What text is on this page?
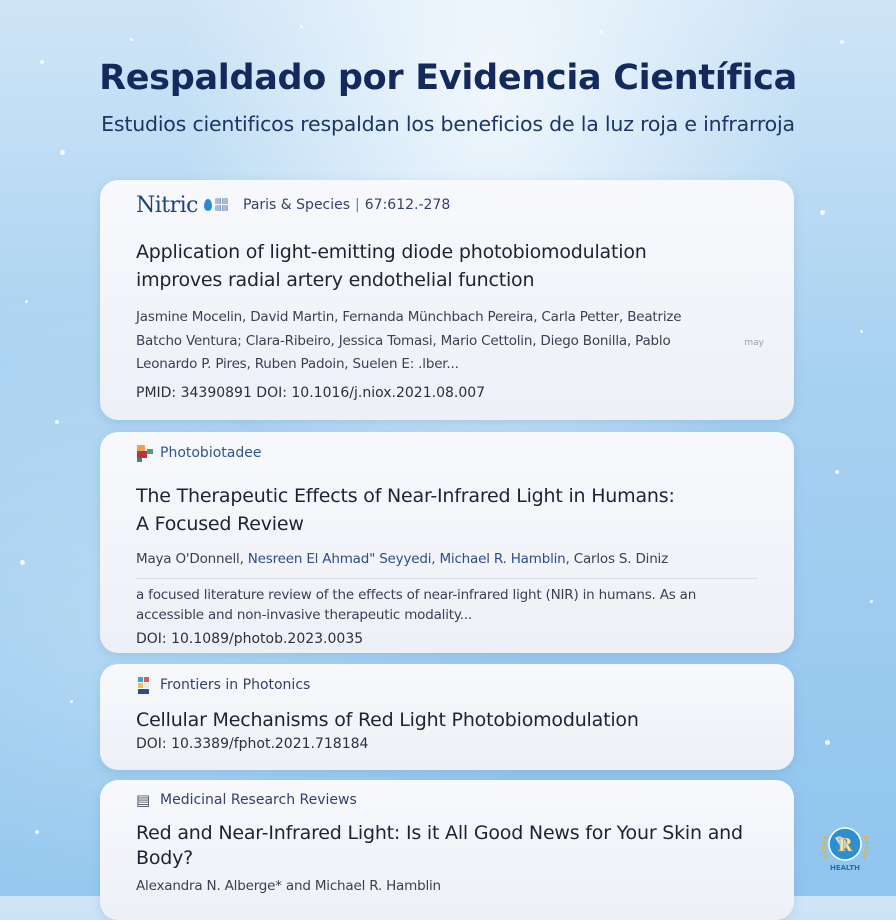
Respaldado por Evidencia Científica
Estudios cientificos respaldan los beneficios de la luz roja e infrarroja
Nitric ▤▤
▤▤	Paris & Species | 67:612.-278
Application of light-emitting diode photobiomodulation
improves radial artery endothelial function
Jasmine Mocelin, David Martin, Fernanda Münchbach Pereira, Carla Petter, Beatrize
Batcho Ventura; Clara-Ribeiro, Jessica Tomasi, Mario Cettolin, Diego Bonilla, Pablo
Leonardo P. Pires, Ruben Padoin, Suelen E: .lber...
may
PMID: 34390891 DOI: 10.1016/j.niox.2021.08.007
Photobiotadee
The Therapeutic Effects of Near-Infrared Light in Humans:
A Focused Review
Maya O'Donnell, Nesreen El Ahmad" Seyyedi, Michael R. Hamblin, Carlos S. Diniz
a focused literature review of the effects of near-infrared light (NIR) in humans. As an
accessible and non-invasive therapeutic modality...
DOI: 10.1089/photob.2023.0035
Frontiers in Photonics
Cellular Mechanisms of Red Light Photobiomodulation
DOI: 10.3389/fphot.2021.718184
▤ Medicinal Research Reviews
Red and Near-Infrared Light: Is it All Good News for Your Skin and
Body?
Alexandra N. Alberge* and Michael R. Hamblin
R
HEALTH
